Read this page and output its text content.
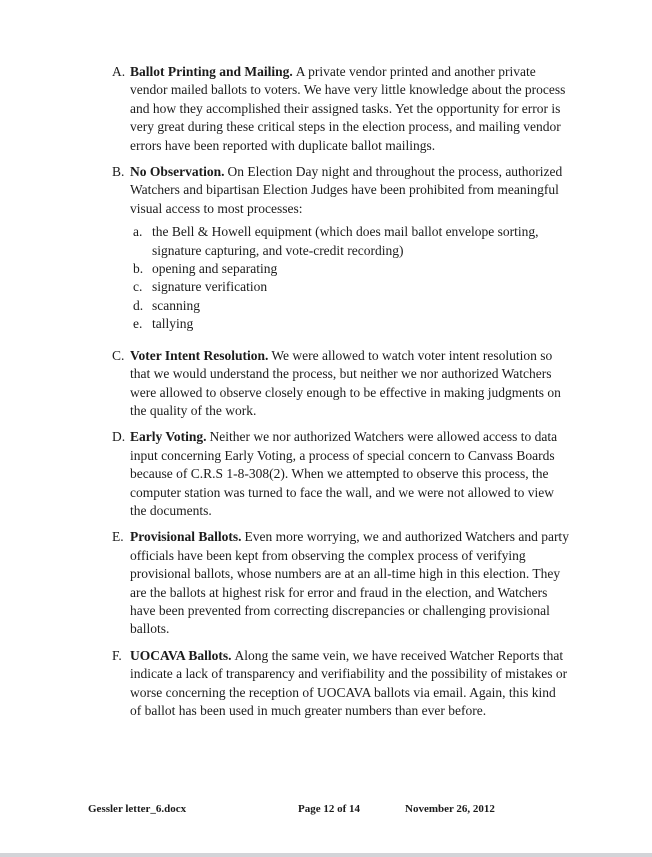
A. Ballot Printing and Mailing. A private vendor printed and another private vendor mailed ballots to voters. We have very little knowledge about the process and how they accomplished their assigned tasks. Yet the opportunity for error is very great during these critical steps in the election process, and mailing vendor errors have been reported with duplicate ballot mailings.
B. No Observation. On Election Day night and throughout the process, authorized Watchers and bipartisan Election Judges have been prohibited from meaningful visual access to most processes:
a. the Bell & Howell equipment (which does mail ballot envelope sorting, signature capturing, and vote-credit recording)
b. opening and separating
c. signature verification
d. scanning
e. tallying
C. Voter Intent Resolution. We were allowed to watch voter intent resolution so that we would understand the process, but neither we nor authorized Watchers were allowed to observe closely enough to be effective in making judgments on the quality of the work.
D. Early Voting. Neither we nor authorized Watchers were allowed access to data input concerning Early Voting, a process of special concern to Canvass Boards because of C.R.S 1-8-308(2). When we attempted to observe this process, the computer station was turned to face the wall, and we were not allowed to view the documents.
E. Provisional Ballots. Even more worrying, we and authorized Watchers and party officials have been kept from observing the complex process of verifying provisional ballots, whose numbers are at an all-time high in this election. They are the ballots at highest risk for error and fraud in the election, and Watchers have been prevented from correcting discrepancies or challenging provisional ballots.
F. UOCAVA Ballots. Along the same vein, we have received Watcher Reports that indicate a lack of transparency and verifiability and the possibility of mistakes or worse concerning the reception of UOCAVA ballots via email. Again, this kind of ballot has been used in much greater numbers than ever before.
Gessler letter_6.docx	Page 12 of 14	November 26, 2012
